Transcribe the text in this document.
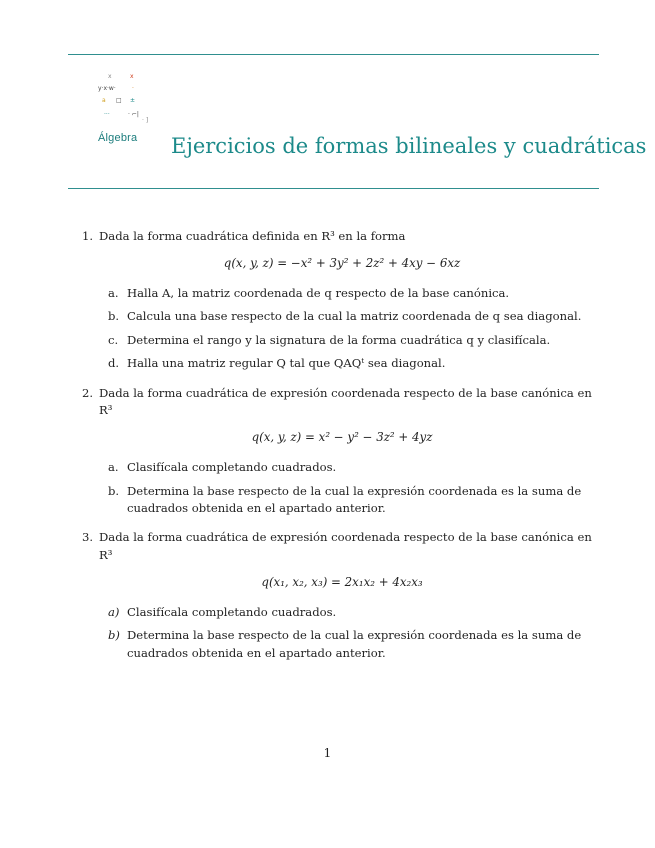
x	x
y·x·w·	·
a □ ±
···	· ⌐|
· ]
Álgebra Ejercicios de formas bilineales y cuadráticas
1. Dada la forma cuadrática definida en R³ en la forma
q(x, y, z) = −x² + 3y² + 2z² + 4xy − 6xz
a. Halla A, la matriz coordenada de q respecto de la base canónica.
b. Calcula una base respecto de la cual la matriz coordenada de q sea diagonal.
c. Determina el rango y la signatura de la forma cuadrática q y clasifícala.
d. Halla una matriz regular Q tal que QAQᵗ sea diagonal.
2. Dada la forma cuadrática de expresión coordenada respecto de la base canónica en R³
q(x, y, z) = x² − y² − 3z² + 4yz
a. Clasifícala completando cuadrados.
b. Determina la base respecto de la cual la expresión coordenada es la suma de cuadrados obtenida en el apartado anterior.
3. Dada la forma cuadrática de expresión coordenada respecto de la base canónica en R³
q(x₁, x₂, x₃) = 2x₁x₂ + 4x₂x₃
a) Clasifícala completando cuadrados.
b) Determina la base respecto de la cual la expresión coordenada es la suma de cuadrados obtenida en el apartado anterior.
1
